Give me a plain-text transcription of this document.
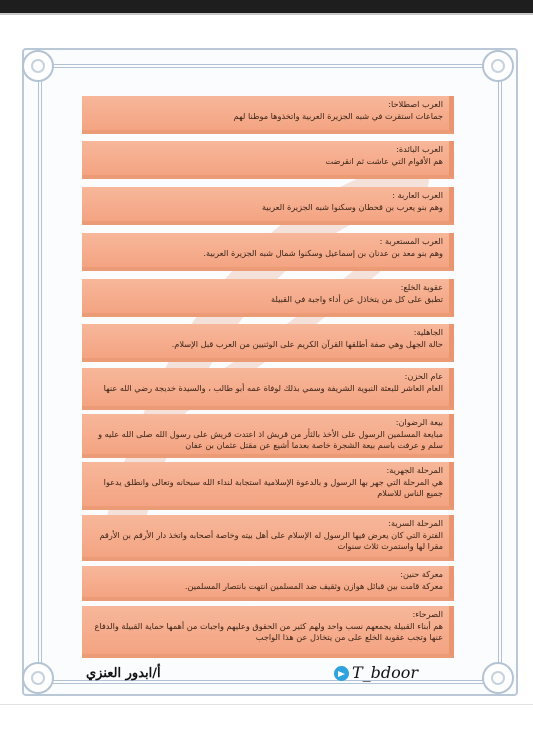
العرب اصطلاحا:
جماعات استقرت في شبه الجزيرة العربية واتخذوها موطنا لهم
العرب البائدة:
هم الأقوام التي عاشت ثم انقرضت
العرب العاربة :
وهم بنو يعرب بن قحطان وسكنوا شبه الجزيرة العربية
العرب المستعربة :
وهم بنو معد بن عدنان بن إسماعيل وسكنوا شمال شبه الجزيرة العربية.
عقوبة الخلع:
تطبق على كل من يتخاذل عن أداء واجبة في القبيلة
الجاهلية:
حالة الجهل وهي صفة أطلقها القرآن الكريم على الوثنيين من العرب قبل الإسلام.
عام الحزن:
العام العاشر للبعثة النبوية الشريفة وسمي بذلك لوفاة عمه أبو طالب ، والسيدة خديجة رضي الله عنها
بيعة الرضوان:
مبايعة المسلمين الرسول على الأخذ بالثأر من قريش اذ اعتدت قريش على رسول الله صلى الله عليه و سلم و عرفت باسم بيعة الشجرة خاصة بعدما أشيع عن مقتل عثمان بن عفان
المرحلة الجهرية:
هي المرحلة التي جهر بها الرسول و بالدعوة الإسلامية استجابة لنداء الله سبحانه وتعالى وانطلق يدعوا جميع الناس للاسلام
المرحلة السرية:
الفترة التي كان يعرض فيها الرسول له الإسلام على أهل بيته وخاصة أصحابه واتخذ دار الأرقم بن الأرقم مقرا لها واستمرت ثلاث سنوات
معركة حنين:
معركة قامت بين قبائل هوازن وثقيف ضد المسلمين انتهت بانتصار المسلمين.
الصرحاء:
هم أبناء القبيلة يجمعهم نسب واحد ولهم كثير من الحقوق وعليهم واجبات من أهمها حماية القبيلة والدفاع عنها وتجب عقوبة الخلع على من يتخاذل عن هذا الواجب
أ/ابدور العنزي	T_bdoor
